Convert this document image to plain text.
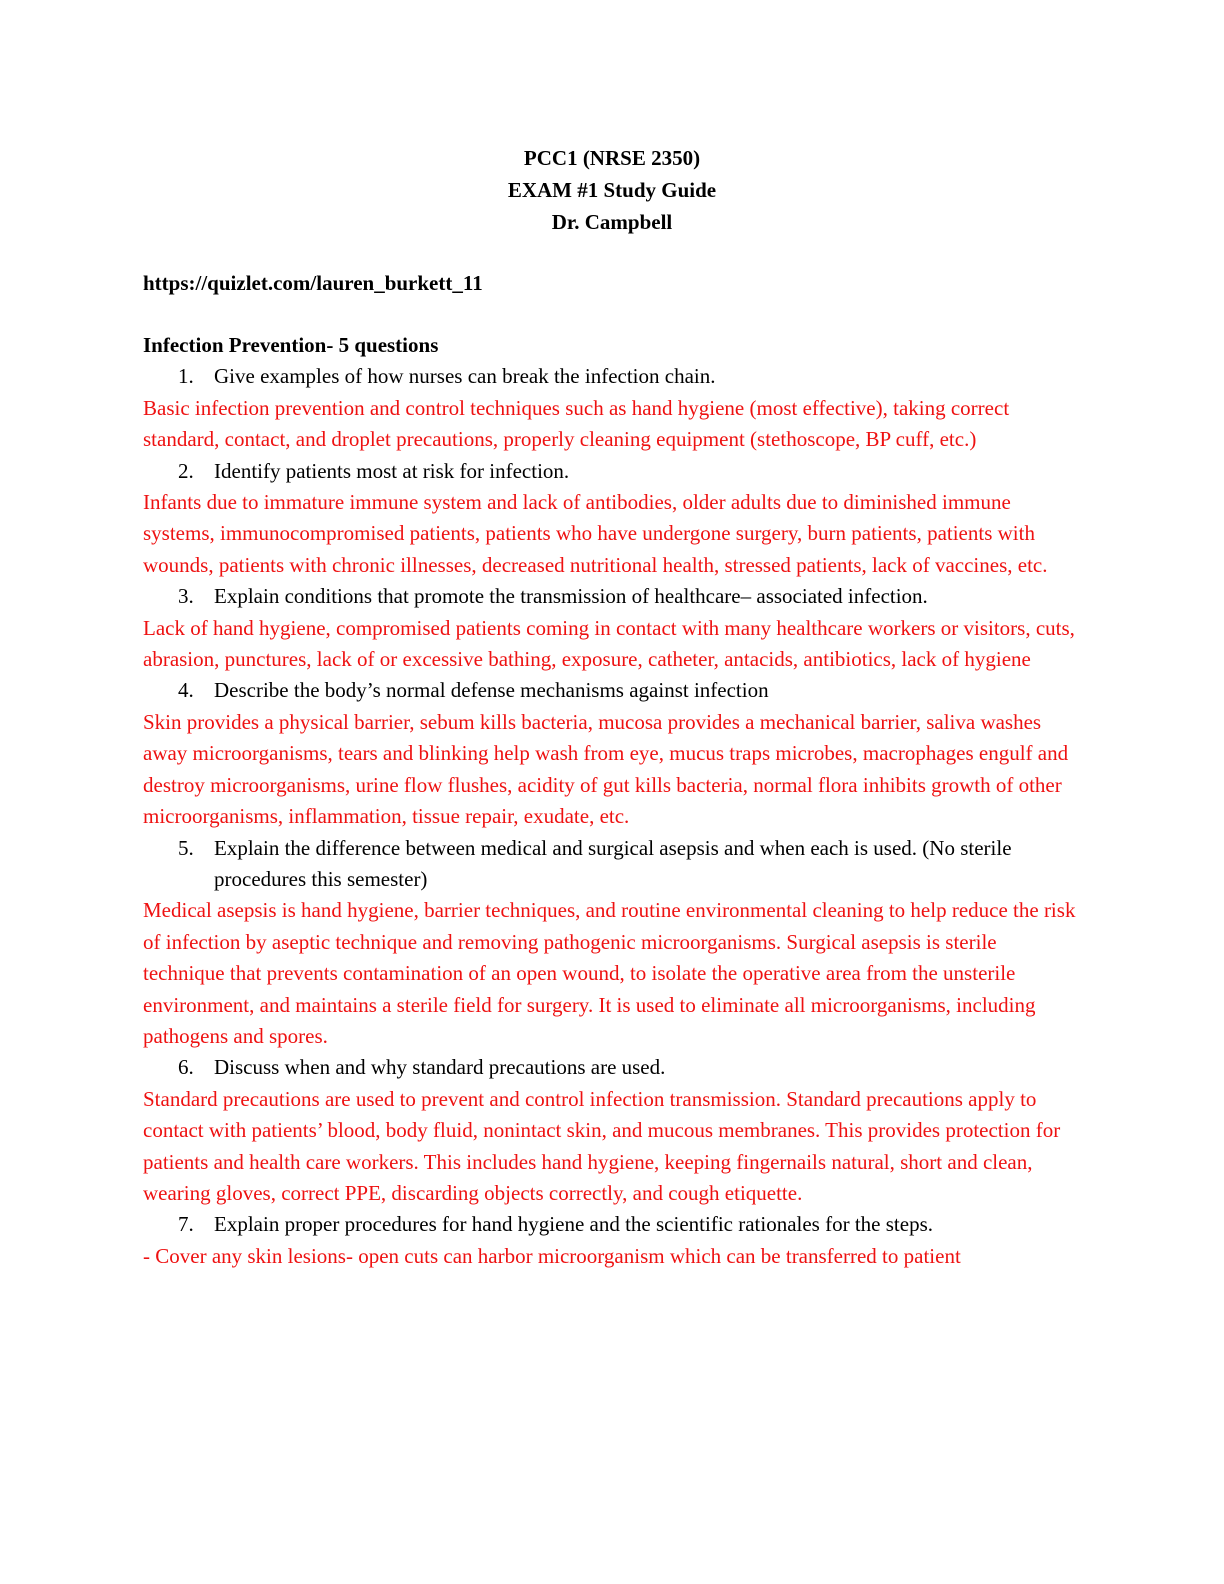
PCC1 (NRSE 2350)
EXAM #1 Study Guide
Dr. Campbell
https://quizlet.com/lauren_burkett_11
Infection Prevention- 5 questions
1. Give examples of how nurses can break the infection chain.
Basic infection prevention and control techniques such as hand hygiene (most effective), taking correct standard, contact, and droplet precautions, properly cleaning equipment (stethoscope, BP cuff, etc.)
2. Identify patients most at risk for infection.
Infants due to immature immune system and lack of antibodies, older adults due to diminished immune systems, immunocompromised patients, patients who have undergone surgery, burn patients, patients with wounds, patients with chronic illnesses, decreased nutritional health, stressed patients, lack of vaccines, etc.
3. Explain conditions that promote the transmission of healthcare– associated infection.
Lack of hand hygiene, compromised patients coming in contact with many healthcare workers or visitors, cuts, abrasion, punctures, lack of or excessive bathing, exposure, catheter, antacids, antibiotics, lack of hygiene
4. Describe the body’s normal defense mechanisms against infection
Skin provides a physical barrier, sebum kills bacteria, mucosa provides a mechanical barrier, saliva washes away microorganisms, tears and blinking help wash from eye, mucus traps microbes, macrophages engulf and destroy microorganisms, urine flow flushes, acidity of gut kills bacteria, normal flora inhibits growth of other microorganisms, inflammation, tissue repair, exudate, etc.
5. Explain the difference between medical and surgical asepsis and when each is used. (No sterile procedures this semester)
Medical asepsis is hand hygiene, barrier techniques, and routine environmental cleaning to help reduce the risk of infection by aseptic technique and removing pathogenic microorganisms. Surgical asepsis is sterile technique that prevents contamination of an open wound, to isolate the operative area from the unsterile environment, and maintains a sterile field for surgery. It is used to eliminate all microorganisms, including pathogens and spores.
6. Discuss when and why standard precautions are used.
Standard precautions are used to prevent and control infection transmission. Standard precautions apply to contact with patients’ blood, body fluid, nonintact skin, and mucous membranes. This provides protection for patients and health care workers. This includes hand hygiene, keeping fingernails natural, short and clean, wearing gloves, correct PPE, discarding objects correctly, and cough etiquette.
7. Explain proper procedures for hand hygiene and the scientific rationales for the steps.
- Cover any skin lesions- open cuts can harbor microorganism which can be transferred to patient
